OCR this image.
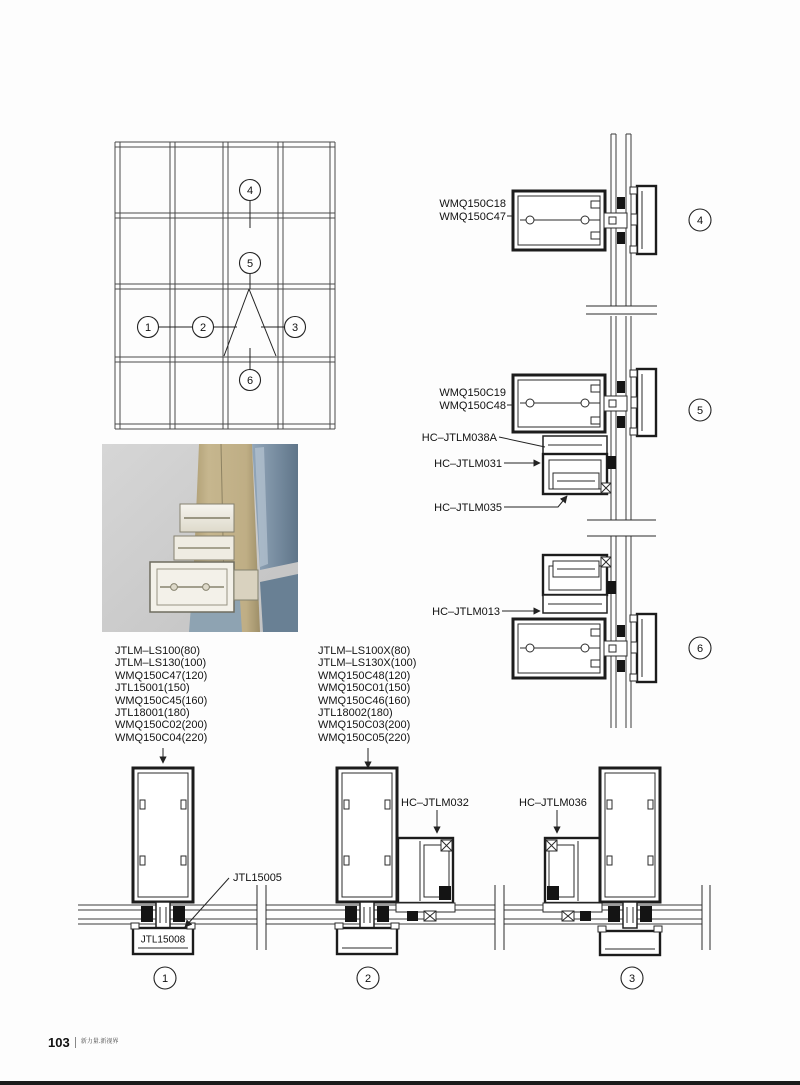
JTLM–LS100(80)
JTLM–LS130(100)
WMQ150C47(120)
JTL15001(150)
WMQ150C45(160)
JTL18001(180)
WMQ150C02(200)
WMQ150C04(220)
JTLM–LS100X(80)
JTLM–LS130X(100)
WMQ150C48(120)
WMQ150C01(150)
WMQ150C46(160)
JTL18002(180)
WMQ150C03(200)
WMQ150C05(220)
4
5
1	2	3
6
WMQ150C18
WMQ150C47	4
WMQ150C19
WMQ150C48
HC–JTLM038A
HC–JTLM031
HC–JTLM035
5
HC–JTLM013
6
JTL15008
JTL15005
1
HC–JTLM032
2
HC–JTLM036
3
103 新力量.新视界
